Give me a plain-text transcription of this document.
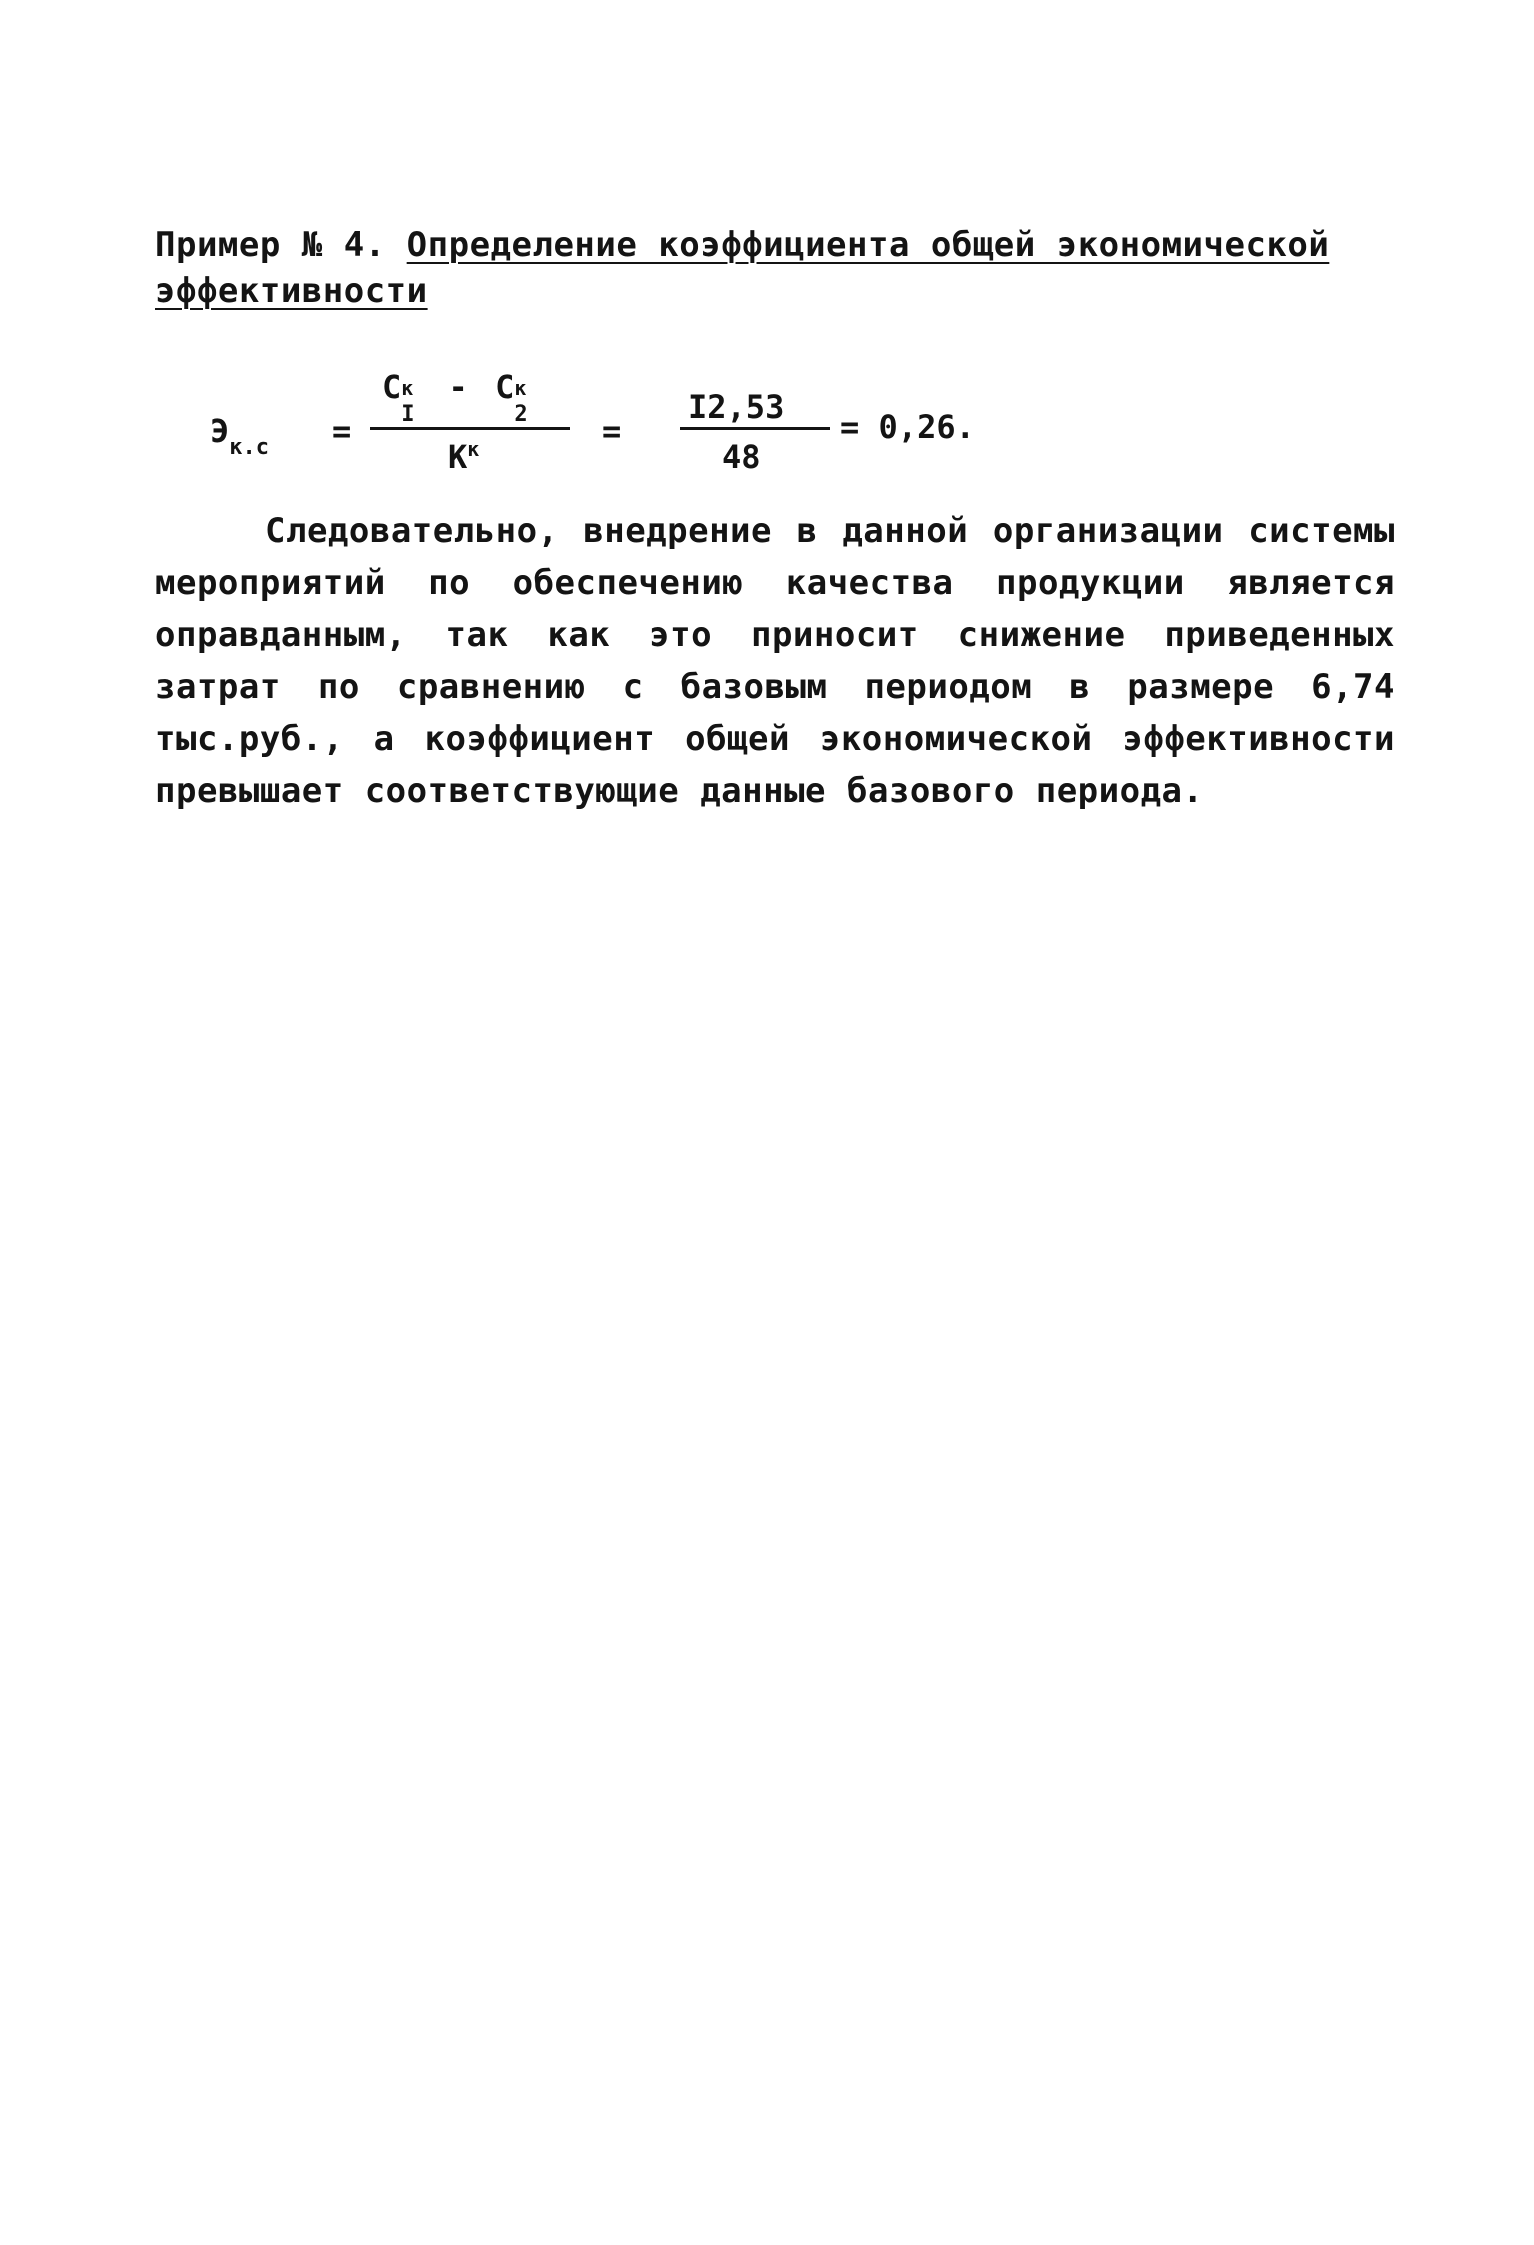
Пример № 4. Определение коэффициента общей экономической эффективности
$Э_{к.с}$ =
C к
I
- C к
2
$К^к$	=
I2,53
48
= 0,26.
Следовательно, внедрение в данной организации системы мероприятий по обеспечению качества продукции является оправданным, так как это приносит снижение приведенных затрат по сравнению с базовым периодом в размере 6,74 тыс.руб., а коэффициент общей экономической эффективности превышает соответствующие данные базового периода.
